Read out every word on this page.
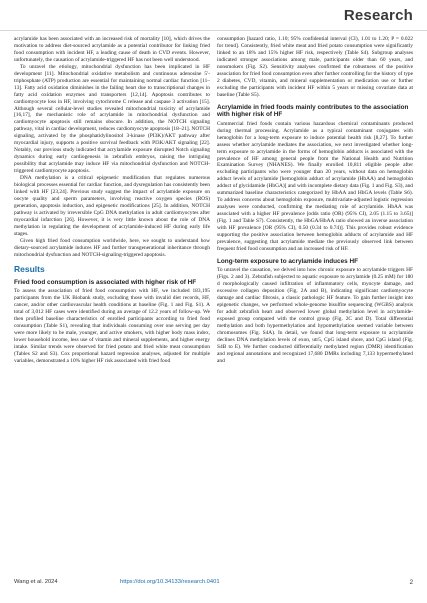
Research

acrylamide has been associated with an increased risk of mortality [10], which drives the motivation to address diet-sourced acrylamide as a potential contributor for linking fried food consumption with incident HF, a leading cause of death in CVD events. However, unfortunately, the causation of acrylamide-triggered HF has not been well understood.

To unravel the etiology, mitochondrial dysfunction has been implicated in HF development [11]. Mitochondrial oxidative metabolism and continuous adenosine 5′-triphosphate (ATP) production are essential for maintaining normal cardiac function [11–13]. Fatty acid oxidation diminishes in the failing heart due to transcriptional changes in fatty acid oxidation enzymes and transporters [12,14]. Apoptosis contributes to cardiomyocyte loss in HF, involving cytochrome C release and caspase 3 activation [15]. Although several cellular-level studies revealed mitochondrial toxicity of acrylamide [16,17], the mechanistic role of acrylamide in mitochondrial dysfunction and cardiomyocyte apoptosis still remains obscure. In addition, the NOTCH signaling pathway, vital in cardiac development, reduces cardiomyocyte apoptosis [18–21]. NOTCH signaling, activated by the phosphatidylinositol 3-kinase (PI3K)/AKT pathway after myocardial injury, supports a positive survival feedback with PI3K/AKT signaling [22]. Notably, our previous study indicated that acrylamide exposure disrupted Notch signaling dynamics during early cardiogenesis in zebrafish embryos, raising the intriguing possibility that acrylamide may induce HF via mitochondrial dysfunction and NOTCH-triggered cardiomyocyte apoptosis.

DNA methylation is a critical epigenetic modification that regulates numerous biological processes essential for cardiac function, and dysregulation has consistently been linked with HF [23,24]. Previous study suggest the impact of acrylamide exposure on oocyte quality and sperm parameters, involving reactive oxygen species (ROS) generation, apoptosis induction, and epigenetic modifications [25]. In addition, NOTCH pathway is activated by irreversible CpG DNA methylation in adult cardiomyocytes after myocardial infarction [26]. However, it is very little known about the role of DNA methylation in regulating the development of acrylamide-induced HF during early life stages.

Given high fried food consumption worldwide, here, we sought to understand how dietary-sourced acrylamide induces HF and further transgenerational inheritance through mitochondrial dysfunction and NOTCH-signaling-triggered apoptosis.

Results
Fried food consumption is associated with higher risk of HF

To assess the association of fried food consumption with HF, we included 183,195 participants from the UK Biobank study, excluding those with invalid diet records, HF, cancer, and/or other cardiovascular health conditions at baseline (Fig. 1 and Fig. S1). A total of 3,012 HF cases were identified during an average of 12.2 years of follow-up. We then profiled baseline characteristics of enrolled participants according to fried food consumption (Table S1), revealing that individuals consuming over one serving per day were more likely to be male, younger, and active smokers, with higher body mass index, lower household income, less use of vitamin and mineral supplements, and higher energy intake. Similar trends were observed for fried potato and fried white meat consumption (Tables S2 and S3). Cox proportional hazard regression analyses, adjusted for multiple variables, demonstrated a 10% higher HF risk associated with fried food

consumption [hazard ratio, 1.10; 95% confidential interval (CI), 1.01 to 1.20; P = 0.022 for trend]. Consistently, fried white meat and fried potato consumption were significantly linked to an 18% and 15% higher HF risk, respectively (Table S4). Subgroup analyses indicated stronger associations among male, participants older than 60 years, and nonsmokers (Fig. S2). Sensitivity analyses confirmed the robustness of the positive association for fried food consumption even after further controlling for the history of type 2 diabetes, CVD, vitamin, and mineral supplementation or medication use or further excluding the participants with incident HF within 5 years or missing covariate data at baseline (Table S5).

Acrylamide in fried foods mainly contributes to the association with higher risk of HF

Commercial fried foods contain various hazardous chemical contaminants produced during thermal processing. Acrylamide as a typical contaminant conjugates with hemoglobin for a long-term exposure to induce potential health risk [8,27]. To further assess whether acrylamide mediates the association, we next investigated whether long-term exposure to acrylamide in the forms of hemoglobin adducts is associated with the prevalence of HF among general people from the National Health and Nutrition Examination Survey (NHANES). We finally enrolled 10,811 eligible people after excluding participants who were younger than 20 years, without data on hemoglobin adduct levels of acrylamide [hemoglobin adduct of acrylamide (HbAA) and hemoglobin adduct of glycidamide (HbGA)] and with incomplete dietary data (Fig. 1 and Fig. S3), and summarized baseline characteristics categorized by HbAA and HbGA levels (Table S6). To address concerns about hemoglobin exposure, multivariate-adjusted logistic regression analyses were conducted, confirming the mediating role of acrylamide. HbAA was associated with a higher HF prevalence [odds ratio (OR) (95% CI), 2.05 (1.15 to 3.65)] (Fig. 1 and Table S7). Consistently, the HbGA/HbAA ratio showed an inverse association with HF prevalence [OR (95% CI), 0.50 (0.34 to 0.74)]. This provides robust evidence supporting the positive association between hemoglobin adducts of acrylamide and HF prevalence, suggesting that acrylamide mediate the previously observed link between frequent fried food consumption and an increased risk of HF.

Long-term exposure to acrylamide induces HF

To unravel the causation, we delved into how chronic exposure to acrylamide triggers HF (Figs. 2 and 3). Zebrafish subjected to aquatic exposure to acrylamide (0.25 mM) for 180 d morphologically caused infiltration of inflammatory cells, myocyte damage, and excessive collagen deposition (Fig. 2A and B), indicating significant cardiomyocyte damage and cardiac fibrosis, a classic pathologic HF feature. To gain further insight into epigenetic changes, we performed whole-genome bisulfite sequencing (WGBS) analysis for adult zebrafish heart and observed lower global methylation level in acrylamide-exposed group compared with the control group (Fig. 2C and D). Total differential methylation and both hypermethylation and hypomethylation seemed variable between chromosomes (Fig. S4A). In detail, we found that long-term exposure to acrylamide declines DNA methylation levels of exon, utr5, CpG island shore, and CpG island (Fig. S4B to E). We further conducted differentially methylated region (DMR) identification and regional annotations and recognized 17,680 DMRs including 7,133 hypermethylated and

Wang et al. 2024	https://doi.org/10.34133/research.0401	2
